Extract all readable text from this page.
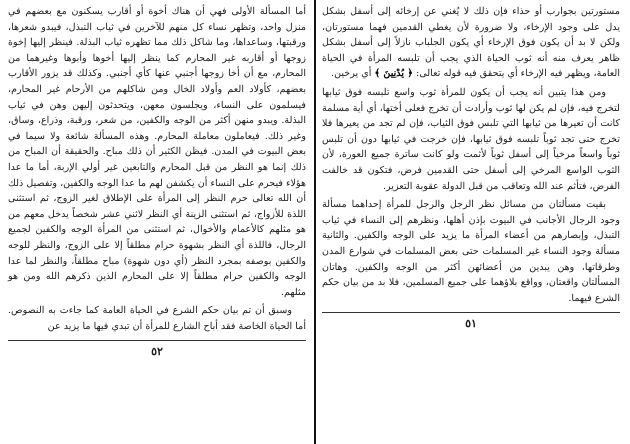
أما المسألة الأولى فهي أن هناك أخوة أو أقارب يسكنون مع بعضهم في منزل واحد، وتظهر نساء كل منهم للآخرين في ثياب التبذل، فيبدو شعرها، ورقبتها، وساعداها، وما شاكل ذلك مما تظهره ثياب البذلة. فينظر إليها إخوة زوجها أو أقاربه غير المحارم كما ينظر إليها أخوها وأبوها وغيرهما من المحارم، مع أن أخا زوجها أجنبي عنها كأي أجنبي. وكذلك قد يزور الأقارب بعضهم، كأولاد العم وأولاد الخال ومن شاكلهم من الأرحام غير المحارم، فيسلمون على النساء، ويجلسون معهن، ويتحدثون إليهن وهن في ثياب البذلة. ويبدو منهن أكثر من الوجه والكفين، من شعر، ورقبة، وذراع، وساق، وغير ذلك. فيعاملون معاملة المحارم. وهذه المسألة شائعة ولا سيما في بعض البيوت في المدن. فيظن الكثير أن ذلك مباح. والحقيقة أن المباح من ذلك إنما هو النظر من قبل المحارم والتابعين غير أولي الإربة، أما ما عدا هؤلاء فيحرم على النساء أن يكشفن لهم ما عدا الوجه والكفين، وتفصيل ذلك أن الله تعالى حرم النظر إلى المرأة على الإطلاق لغير الزوج، ثم استثنى اللذة للأزواج، ثم استثنى الزينة أي النظر لاثني عشر شخصاً يدخل معهم من هو مثلهم كالأعمام والأخوال، ثم استثنى من المرأة الوجه والكفين لجميع الرجال، فاللذة أي النظر بشهوة حرام مطلقاً إلا على الزوج، والنظر للوجه والكفين بوصفه بمجرد النظر (أي دون شهوة) مباح مطلقاً، والنظر لما عدا الوجه والكفين حرام مطلقاً إلا على المحارم الذين ذكرهم الله ومن هو مثلهم.

وسبق أن تم بيان حكم الشرع في الحياة العامة كما جاءت به النصوص. أما الحياة الخاصة فقد أباح الشارع للمرأة أن تبدي فيها ما يزيد عن

٥٢

مستورتين بجوارب أو حذاء فإن ذلك لا يُغني عن إرخائه إلى أسفل بشكل يدل على وجود الإرخاء، ولا ضرورة لأن يغطي القدمين فهما مستورتان، ولكن لا بد أن يكون فوق الإرخاء أي يكون الجلباب نازلاً إلى أسفل بشكل ظاهر يعرف منه أنه ثوب الحياة الذي يجب أن تلبسه المرأة في الحياة العامة، ويظهر فيه الإرخاء أي يتحقق فيه قوله تعالى: ﴿ يُدْنِينَ ﴾ أي يرخين.

ومن هذا يتبين أنه يجب أن يكون للمرأة ثوب واسع تلبسه فوق ثيابها لتخرج فيه، فإن لم يكن لها ثوب وأرادت أن تخرج فعلى أختها، أي أية مسلمة كانت أن تعيرها من ثيابها التي تلبس فوق الثياب، فإن لم تجد من يعيرها فلا تخرج حتى تجد ثوباً تلبسه فوق ثيابها، فإن خرجت في ثيابها دون أن تلبس ثوباً واسعاً مرخياً إلى أسفل ثوباً لأثمت ولو كانت ساترة جميع العورة، لأن الثوب الواسع المرخي إلى أسفل حتى القدمين فرض، فتكون قد خالفت الفرض، فتأثم عند الله وتعاقب من قبل الدولة عقوبة التعزير.

بقيت مسألتان من مسائل نظر الرجل والرجل للمرأة إحداهما مسألة وجود الرجال الأجانب في البيوت بإذن أهلها، ونظرهم إلى النساء في ثياب التبذل، وإبصارهم من أعضاء المرأة ما يزيد على الوجه والكفين. والثانية مسألة وجود النساء غير المسلمات حتى بعض المسلمات في شوارع المدن وطرقاتها، وهن يبدين من أعضائهن أكثر من الوجه والكفين. وهاتان المسألتان واقعتان، وواقع بلاؤهما على جميع المسلمين، فلا بد من بيان حكم الشرع فيهما.

٥١
